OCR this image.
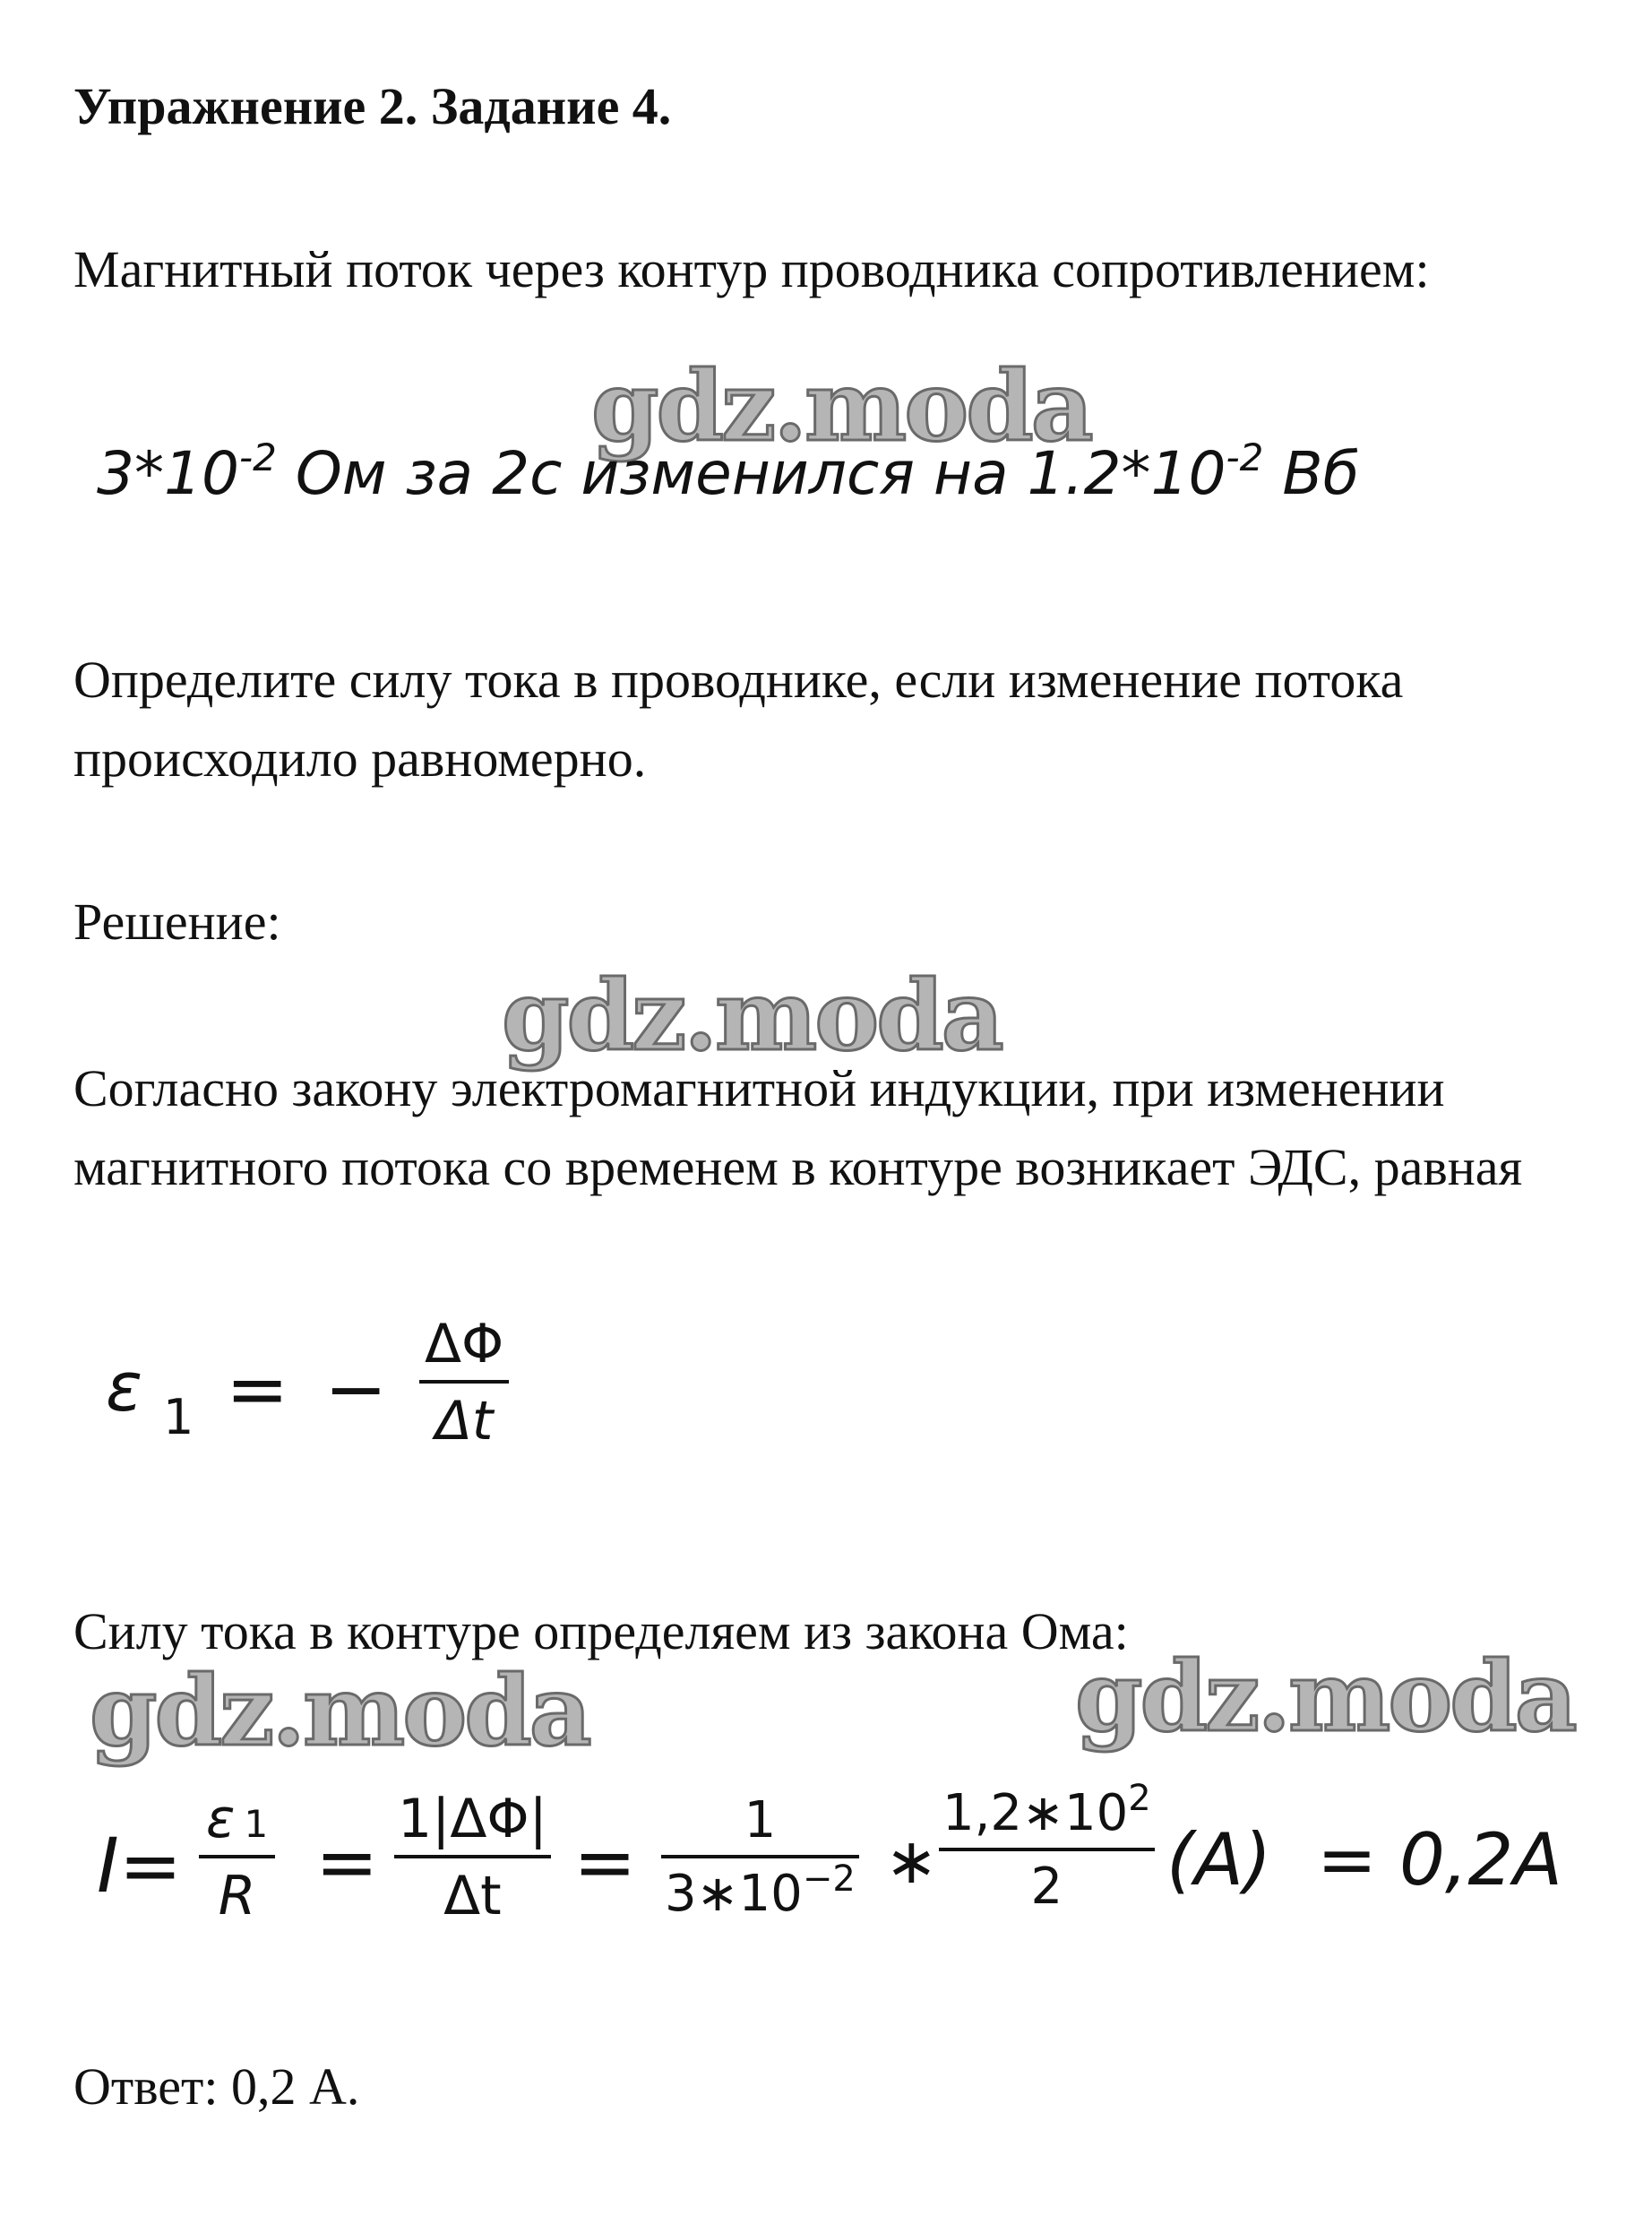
Упражнение 2. Задание 4.
Магнитный поток через контур проводника сопротивлением:
gdz.moda
$3*10^{-2}$ Ом за 2с изменился на $1.2*10^{-2}$ Вб
Определите силу тока в проводнике, если изменение потока
происходило равномерно.
Решение:
gdz.moda
Согласно закону электромагнитной индукции, при изменении
магнитного потока со временем в контуре возникает ЭДС, равная
ε 1 = −
ΔΦ
Δt
Силу тока в контуре определяем из закона Ома:
gdz.moda	gdz.moda
I=
ε 1
R = 1|ΔΦ|
Δt = 1
$3∗10^{-2}$ ∗
$1,2∗10^2$
2 (A) = 0,2A
Ответ: 0,2 А.
